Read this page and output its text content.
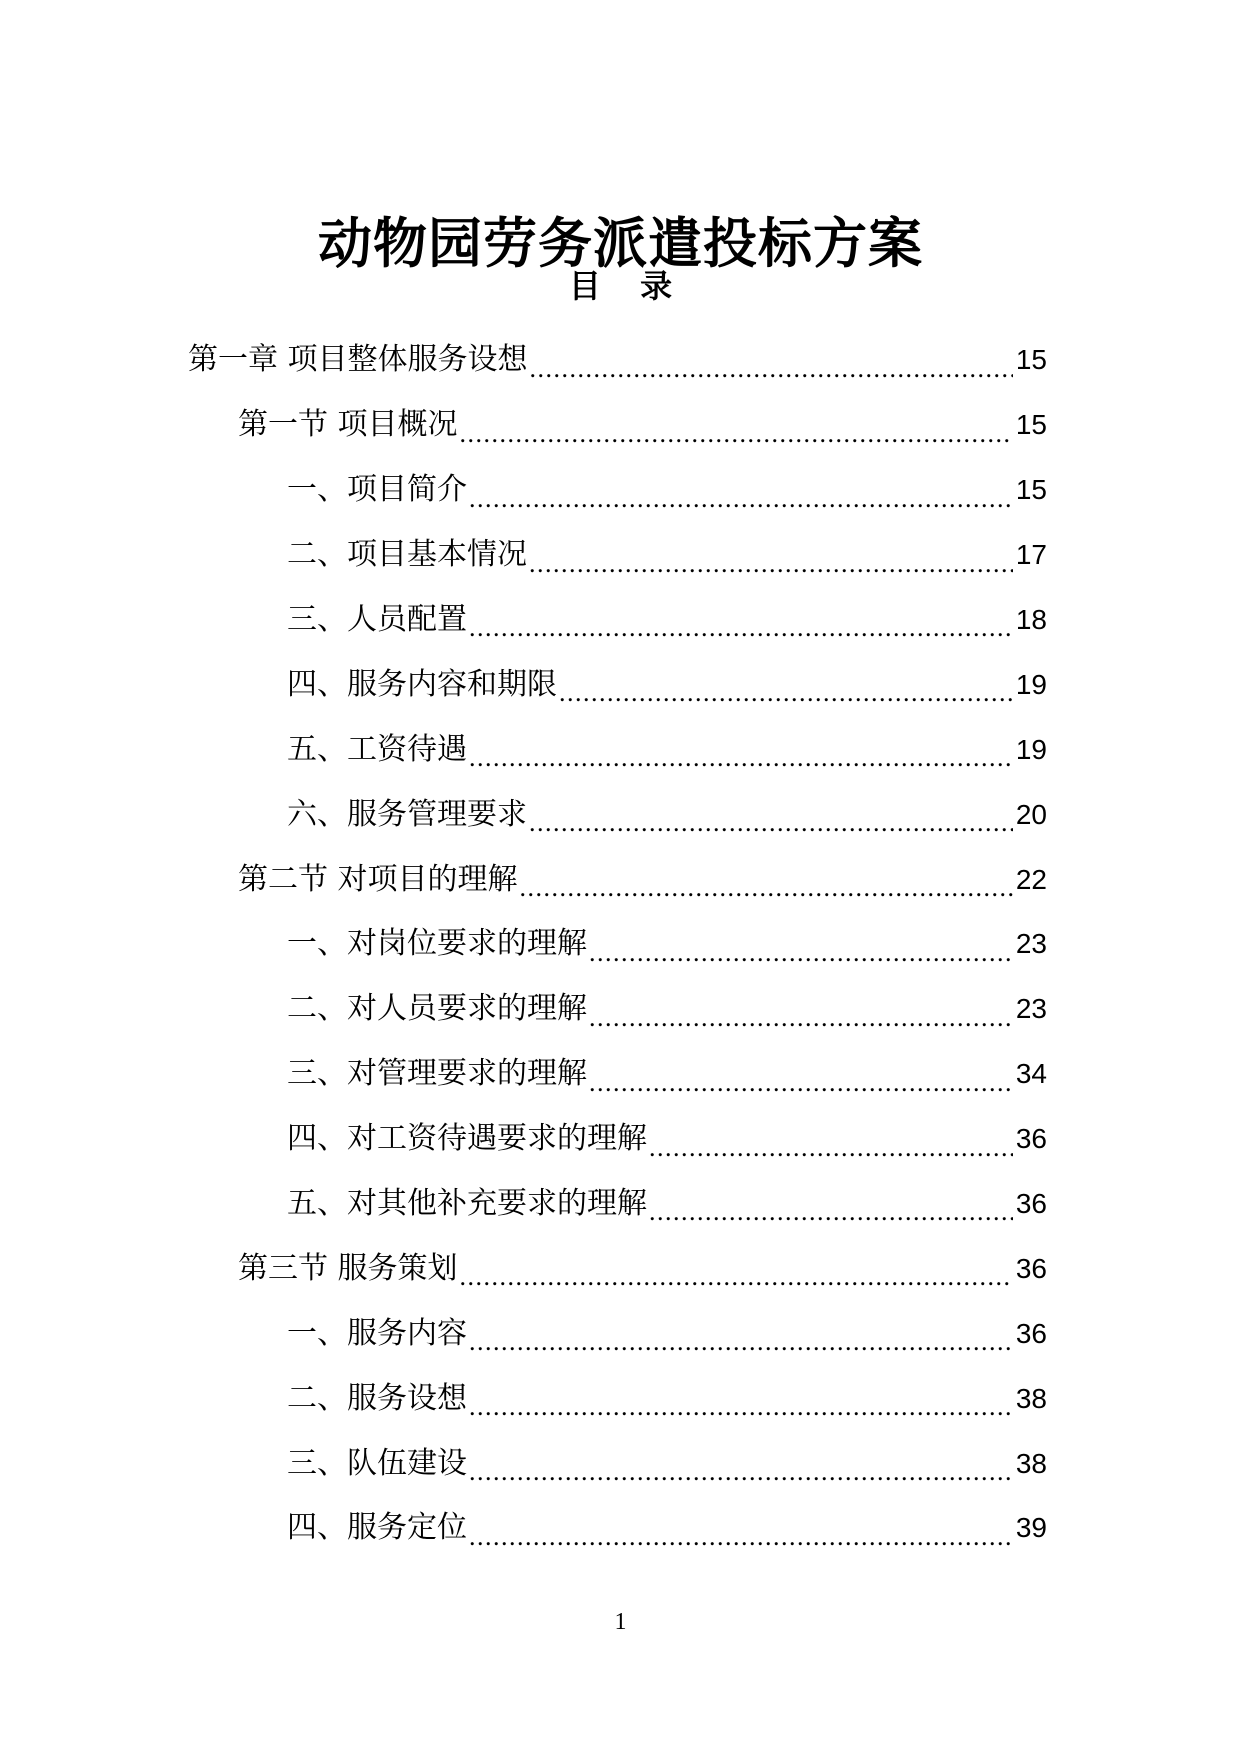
动物园劳务派遣投标方案
目 录
第一章 项目整体服务设想 .....	15
第一节 项目概况 .....	15
一、项目简介 .....	15
二、项目基本情况 .....	17
三、人员配置 .....	18
四、服务内容和期限 .....	19
五、工资待遇 .....	19
六、服务管理要求 .....	20
第二节 对项目的理解 .....	22
一、对岗位要求的理解 .....	23
二、对人员要求的理解 .....	23
三、对管理要求的理解 .....	34
四、对工资待遇要求的理解 .....	36
五、对其他补充要求的理解 .....	36
第三节 服务策划 .....	36
一、服务内容 .....	36
二、服务设想 .....	38
三、队伍建设 .....	38
四、服务定位 .....	39
1
